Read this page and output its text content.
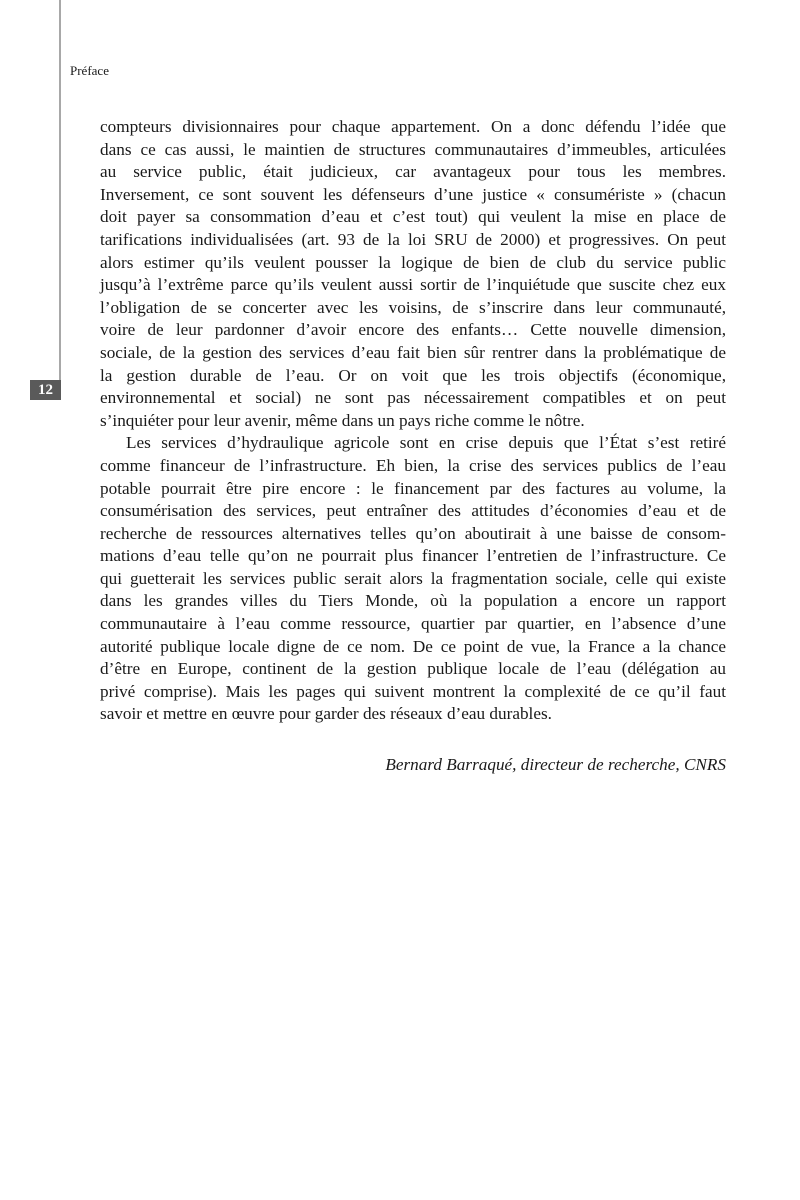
12
Préface
compteurs divisionnaires pour chaque appartement. On a donc défendu l’idée que
dans ce cas aussi, le maintien de structures communautaires d’immeubles, articulées
au service public, était judicieux, car avantageux pour tous les membres.
Inversement, ce sont souvent les défenseurs d’une justice « consumériste » (chacun
doit payer sa consommation d’eau et c’est tout) qui veulent la mise en place de
tarifications individualisées (art. 93 de la loi SRU de 2000) et progressives. On peut
alors estimer qu’ils veulent pousser la logique de bien de club du service public
jusqu’à l’extrême parce qu’ils veulent aussi sortir de l’inquiétude que suscite chez eux
l’obligation de se concerter avec les voisins, de s’inscrire dans leur communauté,
voire de leur pardonner d’avoir encore des enfants… Cette nouvelle dimension,
sociale, de la gestion des services d’eau fait bien sûr rentrer dans la problématique de
la gestion durable de l’eau. Or on voit que les trois objectifs (économique,
environnemental et social) ne sont pas nécessairement compatibles et on peut
s’inquiéter pour leur avenir, même dans un pays riche comme le nôtre.
Les services d’hydraulique agricole sont en crise depuis que l’État s’est retiré
comme financeur de l’infrastructure. Eh bien, la crise des services publics de l’eau
potable pourrait être pire encore : le financement par des factures au volume, la
consumérisation des services, peut entraîner des attitudes d’économies d’eau et de
recherche de ressources alternatives telles qu’on aboutirait à une baisse de consom-
mations d’eau telle qu’on ne pourrait plus financer l’entretien de l’infrastructure. Ce
qui guetterait les services public serait alors la fragmentation sociale, celle qui existe
dans les grandes villes du Tiers Monde, où la population a encore un rapport
communautaire à l’eau comme ressource, quartier par quartier, en l’absence d’une
autorité publique locale digne de ce nom. De ce point de vue, la France a la chance
d’être en Europe, continent de la gestion publique locale de l’eau (délégation au
privé comprise). Mais les pages qui suivent montrent la complexité de ce qu’il faut
savoir et mettre en œuvre pour garder des réseaux d’eau durables.
Bernard Barraqué, directeur de recherche, CNRS
